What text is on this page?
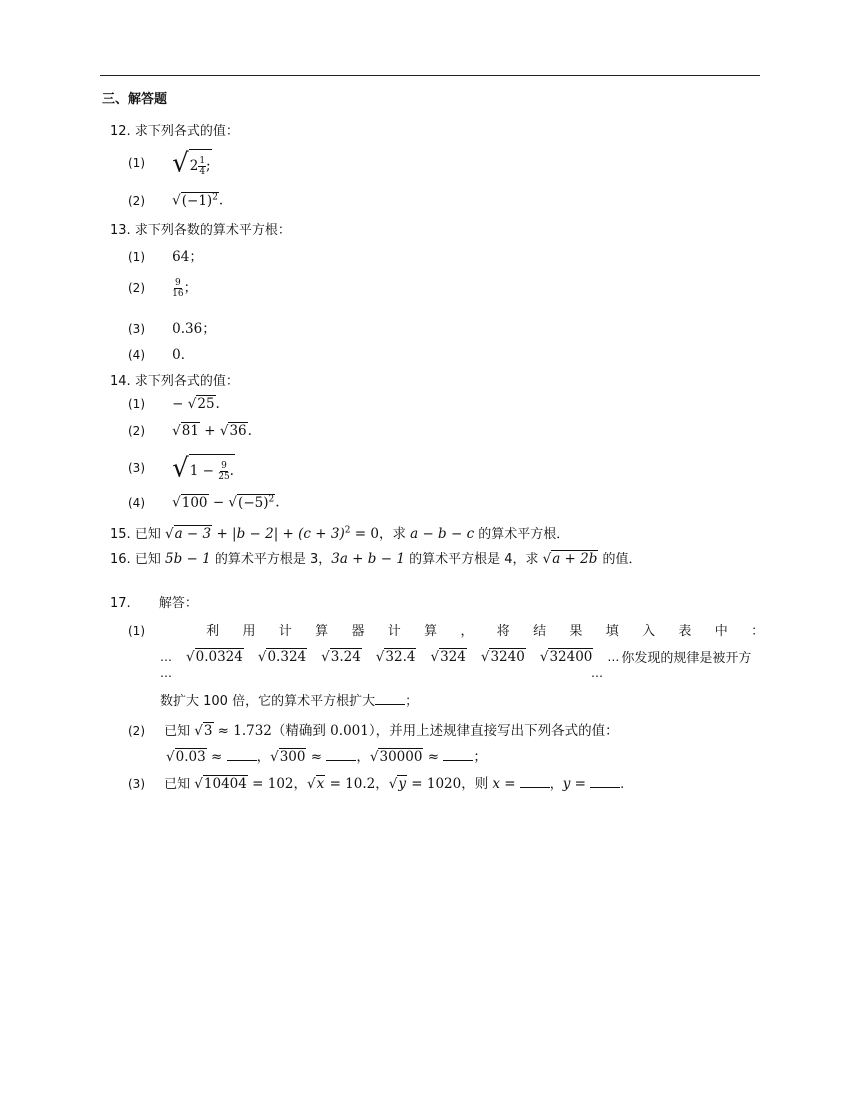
三、解答题
12. 求下列各式的值：
(1) $√2 \frac{1}{4}$ ;
(2) $√(-1)^2$.
13. 求下列各数的算术平方根：
(1) 64；
(2)	$\frac{9}{16}$ ；
(3) 0.36；
(4) 0．
14. 求下列各式的值：
(1) − √25.
(2) √81 + √36.
(3) $√1 - \frac{9}{25}$ .
(4) $√100 - √(-5)^2$.
15. 已知 $√a - 3 + |b - 2| + (c + 3)^2 = 0$，求 a − b − c 的算术平方根．
16. 已知 5b − 1 的算术平方根是 3，3a + b − 1 的算术平方根是 4，求 √a + 2b 的值．
17. 解答：
(1)	利 用 计 算 器 计 算 ， 将 结 果 填 入 表 中 ：
… √0.0324 √0.324 √3.24 √32.4 √324 √3240 √32400 … 你发现的规律是被开方
…	…
数扩大 100 倍，它的算术平方根扩大 ；
(2) 已知 √3 ≈ 1.732（精确到 0.001），并用上述规律直接写出下列各式的值：
√0.03 ≈	，√300 ≈	，√30000 ≈	；
(3) 已知 √10404 = 102，√x = 10.2，√y = 1020，则 x =	，y =	.
